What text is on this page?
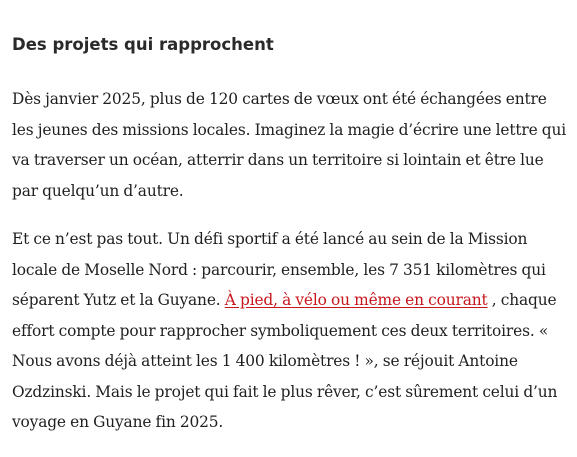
Des projets qui rapprochent

Dès janvier 2025, plus de 120 cartes de vœux ont été échangées entre les jeunes des missions locales. Imaginez la magie d’écrire une lettre qui va traverser un océan, atterrir dans un territoire si lointain et être lue par quelqu’un d’autre.

Et ce n’est pas tout. Un défi sportif a été lancé au sein de la Mission locale de Moselle Nord : parcourir, ensemble, les 7 351 kilomètres qui séparent Yutz et la Guyane. À pied, à vélo ou même en courant , chaque effort compte pour rapprocher symboliquement ces deux territoires. « Nous avons déjà atteint les 1 400 kilomètres ! », se réjouit Antoine Ozdzinski. Mais le projet qui fait le plus rêver, c’est sûrement celui d’un voyage en Guyane fin 2025.
